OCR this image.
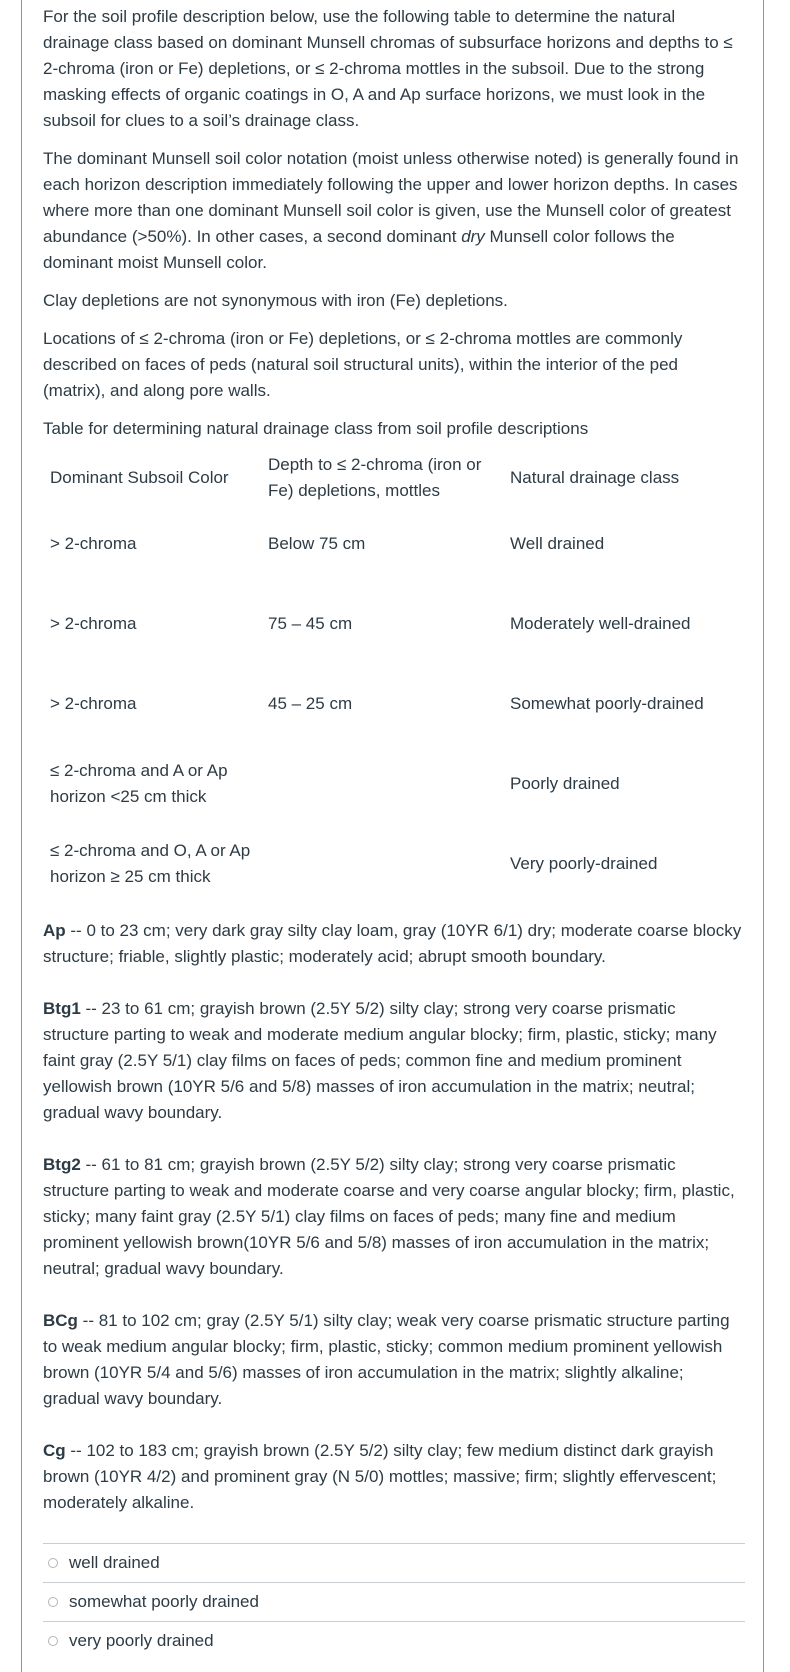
For the soil profile description below, use the following table to determine the natural drainage class based on dominant Munsell chromas of subsurface horizons and depths to ≤ 2-chroma (iron or Fe) depletions, or ≤ 2-chroma mottles in the subsoil. Due to the strong masking effects of organic coatings in O, A and Ap surface horizons, we must look in the subsoil for clues to a soil’s drainage class.

The dominant Munsell soil color notation (moist unless otherwise noted) is generally found in each horizon description immediately following the upper and lower horizon depths. In cases where more than one dominant Munsell soil color is given, use the Munsell color of greatest abundance (>50%). In other cases, a second dominant dry Munsell color follows the dominant moist Munsell color.

Clay depletions are not synonymous with iron (Fe) depletions.

Locations of ≤ 2-chroma (iron or Fe) depletions, or ≤ 2-chroma mottles are commonly described on faces of peds (natural soil structural units), within the interior of the ped (matrix), and along pore walls.

Table for determining natural drainage class from soil profile descriptions

Dominant Subsoil Color	Depth to ≤ 2-chroma (iron or Fe) depletions, mottles	Natural drainage class
> 2-chroma	Below 75 cm	Well drained
> 2-chroma	75 – 45 cm	Moderately well-drained
> 2-chroma	45 – 25 cm	Somewhat poorly-drained
≤ 2-chroma and A or Ap horizon <25 cm thick		Poorly drained
≤ 2-chroma and O, A or Ap horizon ≥ 25 cm thick		Very poorly-drained

Ap -- 0 to 23 cm; very dark gray silty clay loam, gray (10YR 6/1) dry; moderate coarse blocky structure; friable, slightly plastic; moderately acid; abrupt smooth boundary.

Btg1 -- 23 to 61 cm; grayish brown (2.5Y 5/2) silty clay; strong very coarse prismatic structure parting to weak and moderate medium angular blocky; firm, plastic, sticky; many faint gray (2.5Y 5/1) clay films on faces of peds; common fine and medium prominent yellowish brown (10YR 5/6 and 5/8) masses of iron accumulation in the matrix; neutral; gradual wavy boundary.

Btg2 -- 61 to 81 cm; grayish brown (2.5Y 5/2) silty clay; strong very coarse prismatic structure parting to weak and moderate coarse and very coarse angular blocky; firm, plastic, sticky; many faint gray (2.5Y 5/1) clay films on faces of peds; many fine and medium prominent yellowish brown(10YR 5/6 and 5/8) masses of iron accumulation in the matrix; neutral; gradual wavy boundary.

BCg -- 81 to 102 cm; gray (2.5Y 5/1) silty clay; weak very coarse prismatic structure parting to weak medium angular blocky; firm, plastic, sticky; common medium prominent yellowish brown (10YR 5/4 and 5/6) masses of iron accumulation in the matrix; slightly alkaline; gradual wavy boundary.

Cg -- 102 to 183 cm; grayish brown (2.5Y 5/2) silty clay; few medium distinct dark grayish brown (10YR 4/2) and prominent gray (N 5/0) mottles; massive; firm; slightly effervescent; moderately alkaline.

well drained
somewhat poorly drained
very poorly drained
